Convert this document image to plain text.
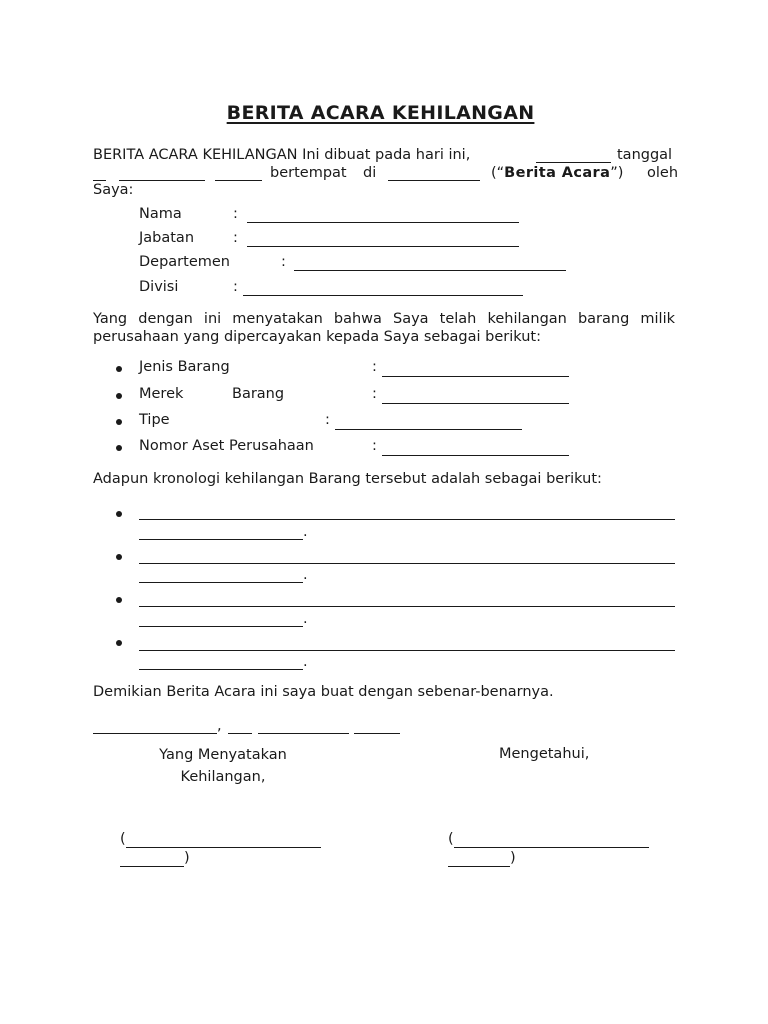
BERITA ACARA KEHILANGAN
BERITA ACARA KEHILANGAN Ini dibuat pada hari ini,	tanggal
bertempat di	(“Berita Acara”) oleh
Saya:
Nama	:
Jabatan	:
Departemen	:
Divisi	:
Yang dengan ini menyatakan bahwa Saya telah kehilangan barang milik
perusahaan yang dipercayakan kepada Saya sebagai berikut:
Jenis Barang	:
Merek	Barang	:
Tipe	:
Nomor Aset Perusahaan	:
Adapun kronologi kehilangan Barang tersebut adalah sebagai berikut:
.
.
.
.
Demikian Berita Acara ini saya buat dengan sebenar-benarnya.
,
Yang Menyatakan
Kehilangan,
Mengetahui,
(
)
(
)
